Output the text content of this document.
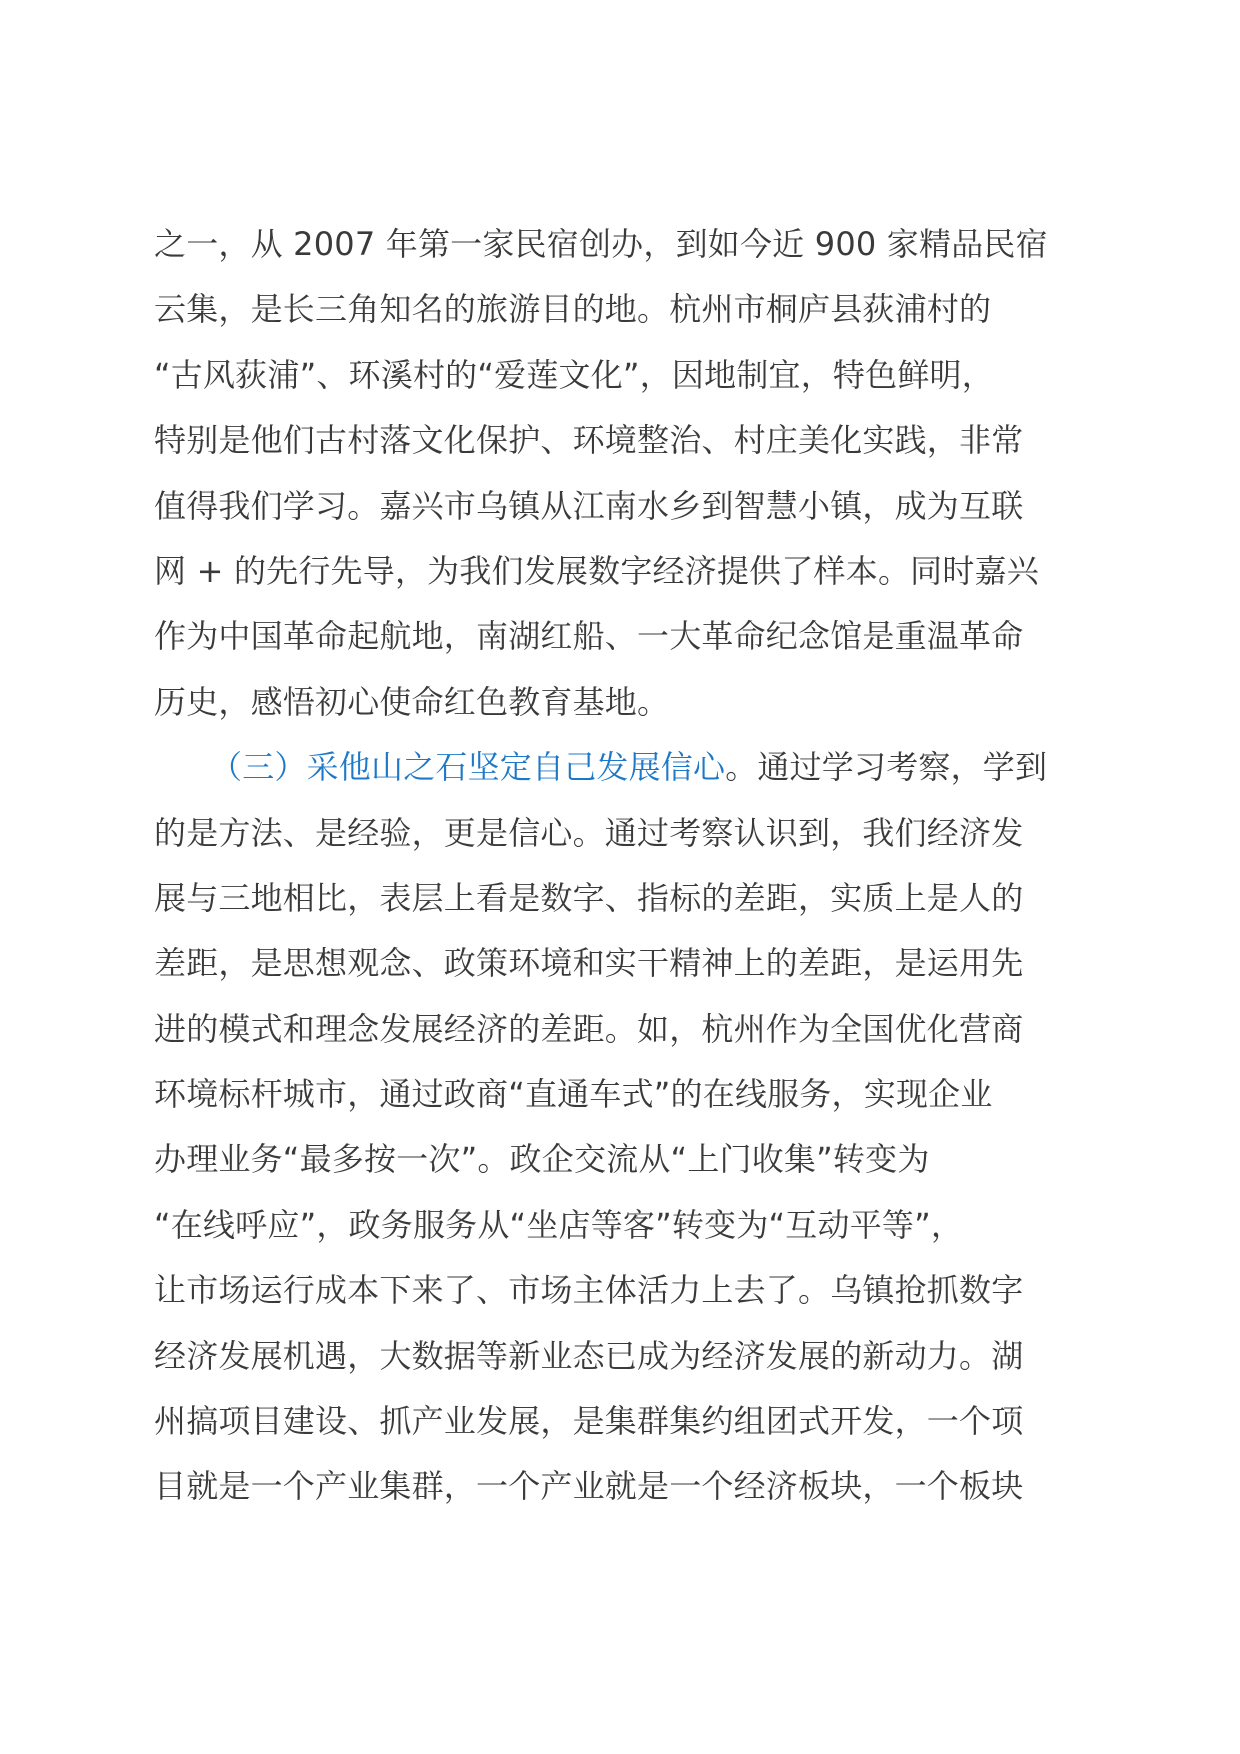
之一，从 2007 年第一家民宿创办，到如今近 900 家精品民宿
云集，是长三角知名的旅游目的地。杭州市桐庐县荻浦村的
“古风荻浦”、环溪村的“爱莲文化”，因地制宜，特色鲜明，
特别是他们古村落文化保护、环境整治、村庄美化实践，非常
值得我们学习。嘉兴市乌镇从江南水乡到智慧小镇，成为互联
网 + 的先行先导，为我们发展数字经济提供了样本。同时嘉兴
作为中国革命起航地，南湖红船、一大革命纪念馆是重温革命
历史，感悟初心使命红色教育基地。
（三）采他山之石坚定自己发展信心。通过学习考察，学到
的是方法、是经验，更是信心。通过考察认识到，我们经济发
展与三地相比，表层上看是数字、指标的差距，实质上是人的
差距，是思想观念、政策环境和实干精神上的差距，是运用先
进的模式和理念发展经济的差距。如，杭州作为全国优化营商
环境标杆城市，通过政商“直通车式”的在线服务，实现企业
办理业务“最多按一次”。政企交流从“上门收集”转变为
“在线呼应”，政务服务从“坐店等客”转变为“互动平等”，
让市场运行成本下来了、市场主体活力上去了。乌镇抢抓数字
经济发展机遇，大数据等新业态已成为经济发展的新动力。湖
州搞项目建设、抓产业发展，是集群集约组团式开发，一个项
目就是一个产业集群，一个产业就是一个经济板块，一个板块
